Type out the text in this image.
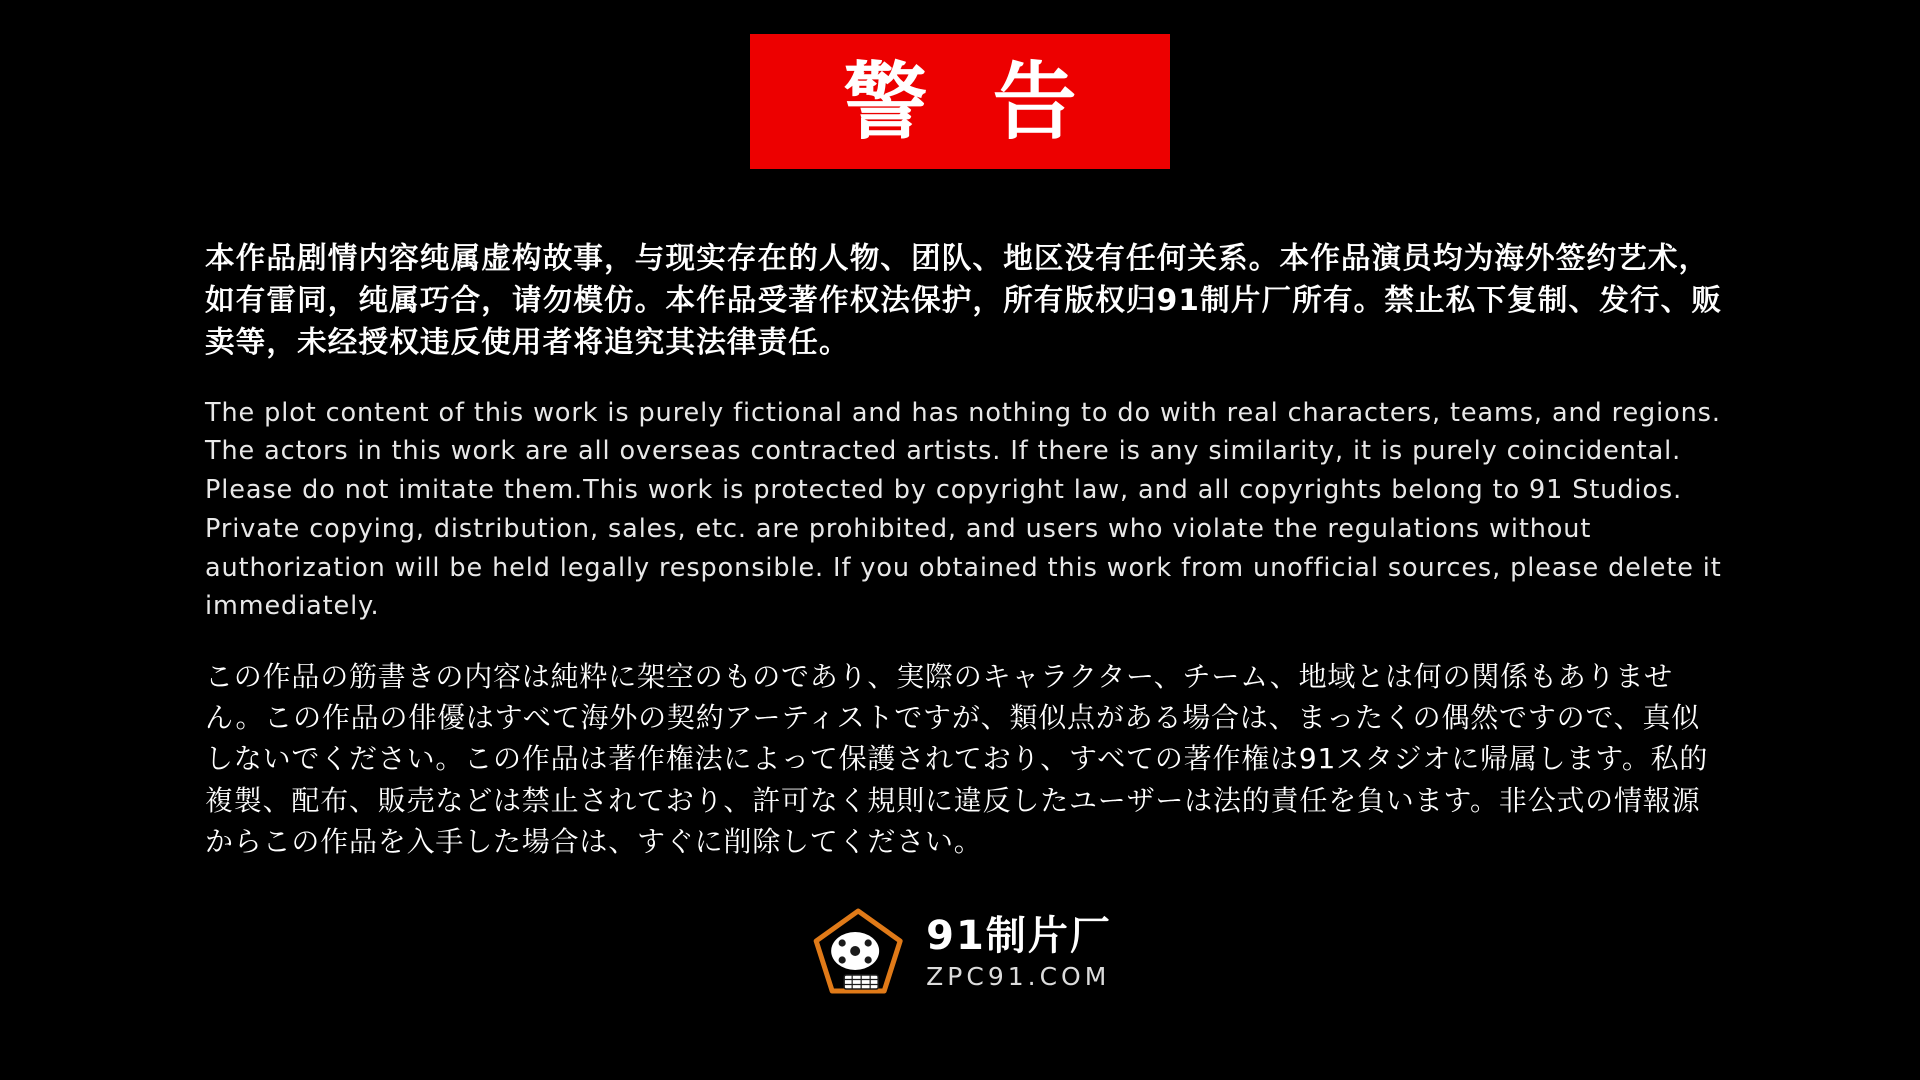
警 告

本作品剧情内容纯属虚构故事，与现实存在的人物、团队、地区没有任何关系。本作品演员均为海外签约艺术，如有雷同，纯属巧合，请勿模仿。本作品受著作权法保护，所有版权归91制片厂所有。禁止私下复制、发行、贩卖等，未经授权违反使用者将追究其法律责任。

The plot content of this work is purely fictional and has nothing to do with real characters, teams, and regions. The actors in this work are all overseas contracted artists. If there is any similarity, it is purely coincidental. Please do not imitate them.This work is protected by copyright law, and all copyrights belong to 91 Studios. Private copying, distribution, sales, etc. are prohibited, and users who violate the regulations without authorization will be held legally responsible. If you obtained this work from unofficial sources, please delete it immediately.

この作品の筋書きの内容は純粋に架空のものであり、実際のキャラクター、チーム、地域とは何の関係もありません。この作品の俳優はすべて海外の契約アーティストですが、類似点がある場合は、まったくの偶然ですので、真似しないでください。この作品は著作権法によって保護されており、すべての著作権は91スタジオに帰属します。私的複製、配布、販売などは禁止されており、許可なく規則に違反したユーザーは法的責任を負います。非公式の情報源からこの作品を入手した場合は、すぐに削除してください。

91制片厂
ZPC91.COM
